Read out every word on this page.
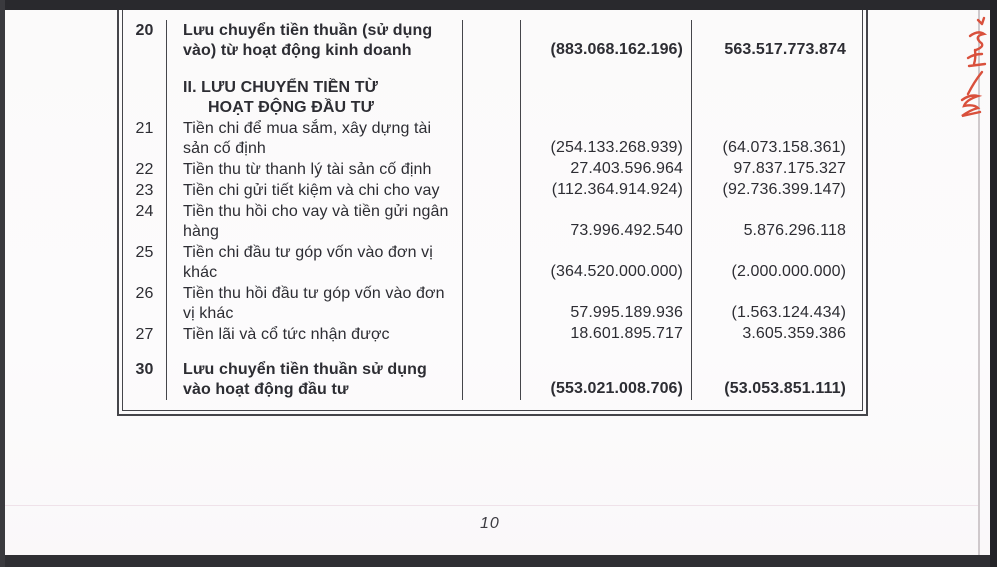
20	Lưu chuyển tiền thuần (sử dụng vào) từ hoạt động kinh doanh	(883.068.162.196)	563.517.773.874
II. LƯU CHUYỂN TIỀN TỪ
HOẠT ĐỘNG ĐẦU TƯ
21	Tiền chi để mua sắm, xây dựng tài sản cố định	(254.133.268.939)	(64.073.158.361)
22	Tiền thu từ thanh lý tài sản cố định	27.403.596.964	97.837.175.327
23	Tiền chi gửi tiết kiệm và chi cho vay	(112.364.914.924)	(92.736.399.147)
24	Tiền thu hồi cho vay và tiền gửi ngân hàng	73.996.492.540	5.876.296.118
25	Tiền chi đầu tư góp vốn vào đơn vị khác	(364.520.000.000)	(2.000.000.000)
26	Tiền thu hồi đầu tư góp vốn vào đơn vị khác	57.995.189.936	(1.563.124.434)
27	Tiền lãi và cổ tức nhận được	18.601.895.717	3.605.359.386
30	Lưu chuyển tiền thuần sử dụng vào hoạt động đầu tư	(553.021.008.706)	(53.053.851.111)
10
